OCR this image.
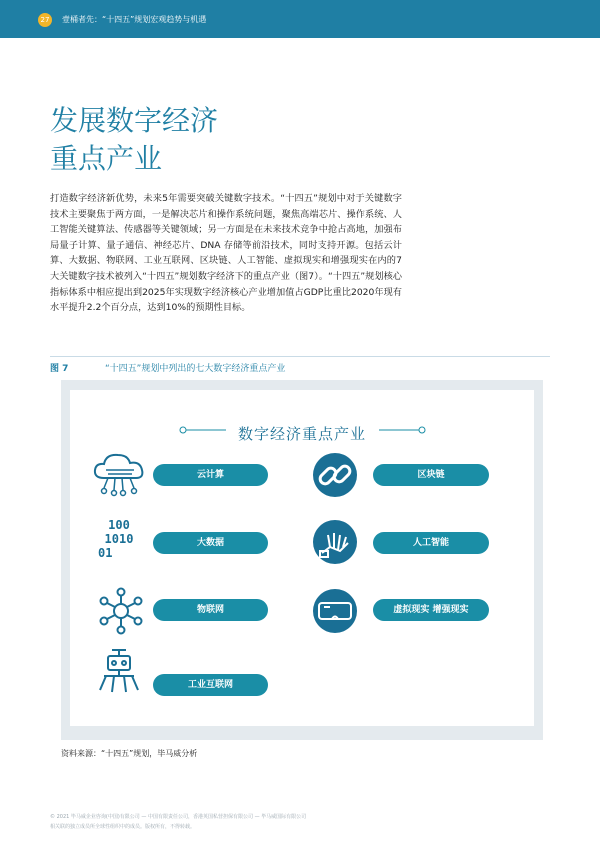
27	壹桶者先：“十四五”规划宏观趋势与机遇
发展数字经济
重点产业

打造数字经济新优势，未来5年需要突破关键数字技术。“十四五”规划中对于关键数字技术主要聚焦于两方面，一是解决芯片和操作系统问题，聚焦高端芯片、操作系统、人工智能关键算法、传感器等关键领域；另一方面是在未来技术竞争中抢占高地，加强布局量子计算、量子通信、神经芯片、DNA 存储等前沿技术，同时支持开源。包括云计算、大数据、物联网、工业互联网、区块链、人工智能、虚拟现实和增强现实在内的7大关键数字技术被列入“十四五”规划数字经济下的重点产业（图7）。“十四五”规划核心指标体系中相应提出到2025年实现数字经济核心产业增加值占GDP比重比2020年现有水平提升2.2个百分点，达到10%的预期性目标。

图 7	“十四五”规划中列出的七大数字经济重点产业
数字经济重点产业
云计算	区块链
100
1010
01
大数据	人工智能
物联网	虚拟现实 增强现实
工业互联网
资料来源：“十四五”规划，毕马威分析
© 2021 毕马威企业咨询(中国)有限公司 — 中国有限责任公司，香港英国私营担保有限公司 — 毕马威国际有限公司
相关联的独立成员所全球性组织中的成员。版权所有，不得转载。
